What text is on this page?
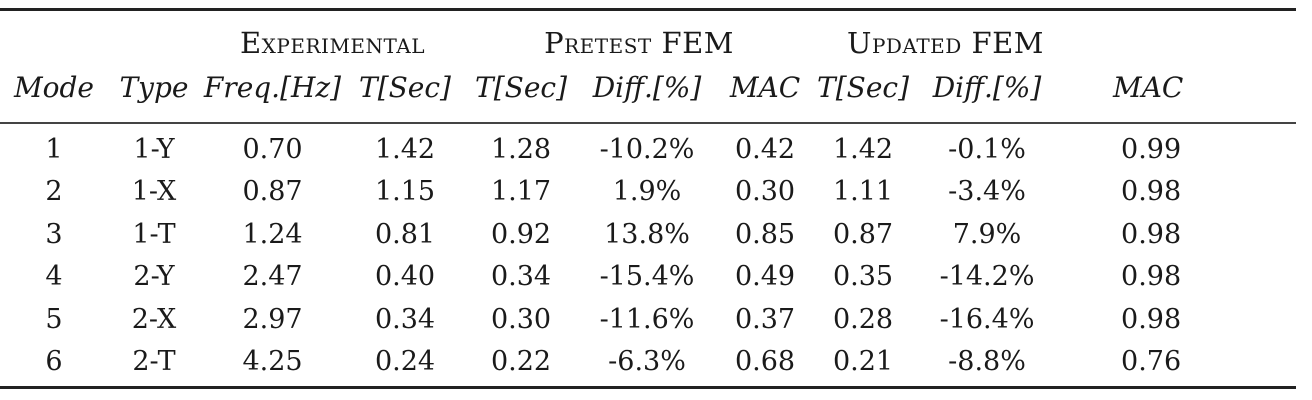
		Experimental		Pretest FEM			Updated FEM		
Mode	Type	Freq.[Hz]	T[Sec]	T[Sec]	Diff.[%]	MAC	T[Sec]	Diff.[%]	MAC

1	1-Y	0.70	1.42	1.28	-10.2%	0.42	1.42	-0.1%	0.99
2	1-X	0.87	1.15	1.17	1.9%	0.30	1.11	-3.4%	0.98
3	1-T	1.24	0.81	0.92	13.8%	0.85	0.87	7.9%	0.98
4	2-Y	2.47	0.40	0.34	-15.4%	0.49	0.35	-14.2%	0.98
5	2-X	2.97	0.34	0.30	-11.6%	0.37	0.28	-16.4%	0.98
6	2-T	4.25	0.24	0.22	-6.3%	0.68	0.21	-8.8%	0.76
